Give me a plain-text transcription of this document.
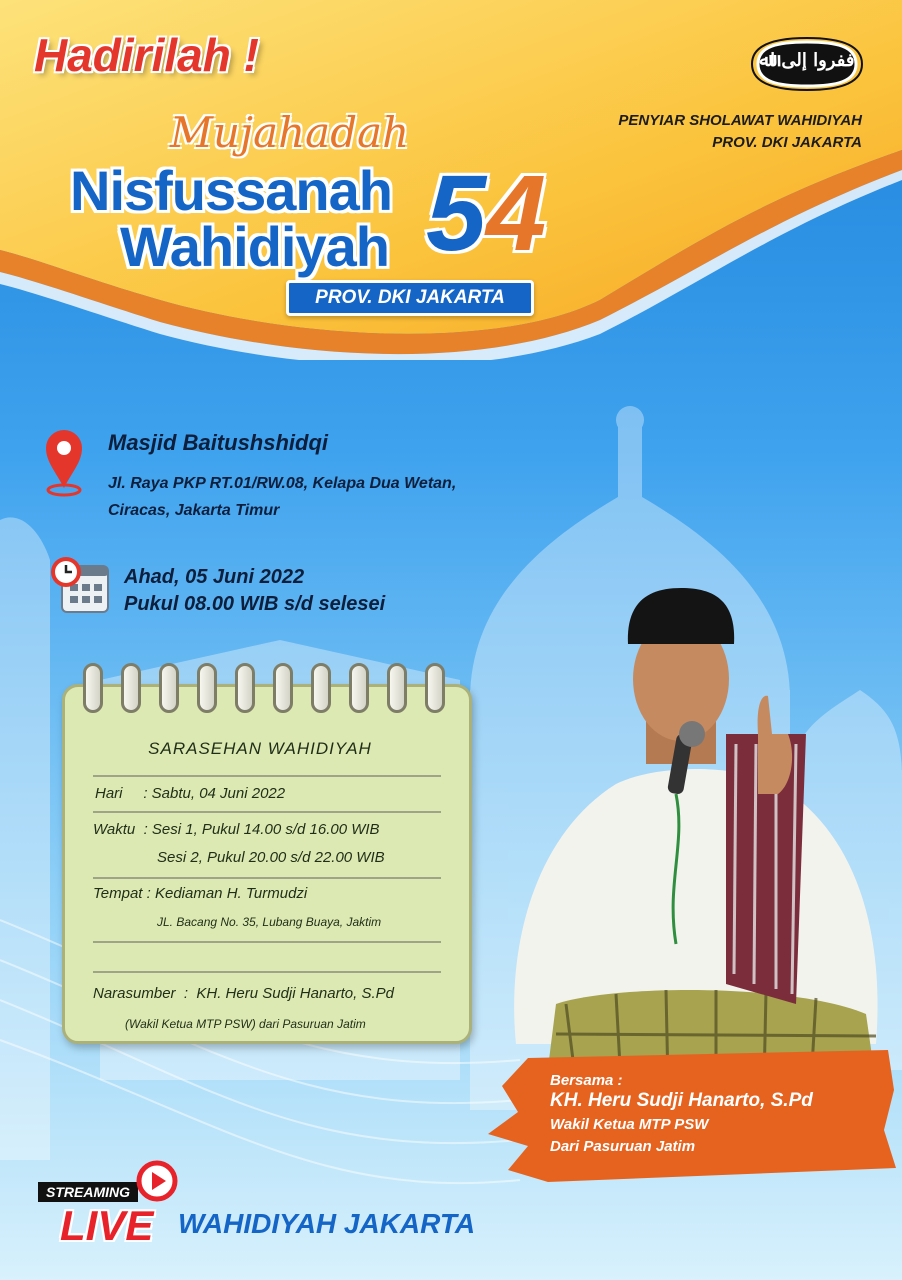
Hadirilah !	ﻓﻔﺮوا إﻟﯽ اﷲ
PENYIAR SHOLAWAT WAHIDIYAH
PROV. DKI JAKARTA
Mujahadah
Nisfussanah
Wahidiyah 54
PROV. DKI JAKARTA
Masjid Baitushshidqi
Jl. Raya PKP RT.01/RW.08, Kelapa Dua Wetan,
Ciracas, Jakarta Timur
Ahad, 05 Juni 2022
Pukul 08.00 WIB s/d selesei
SARASEHAN WAHIDIYAH
Hari     : Sabtu, 04 Juni 2022
Waktu  : Sesi 1, Pukul 14.00 s/d 16.00 WIB
Sesi 2, Pukul 20.00 s/d 22.00 WIB
Tempat : Kediaman H. Turmudzi
JL. Bacang No. 35, Lubang Buaya, Jaktim
Narasumber  :  KH. Heru Sudji Hanarto, S.Pd
(Wakil Ketua MTP PSW) dari Pasuruan Jatim
Bersama :
KH. Heru Sudji Hanarto, S.Pd
Wakil Ketua MTP PSW
Dari Pasuruan Jatim
STREAMING
LIVE WAHIDIYAH JAKARTA
